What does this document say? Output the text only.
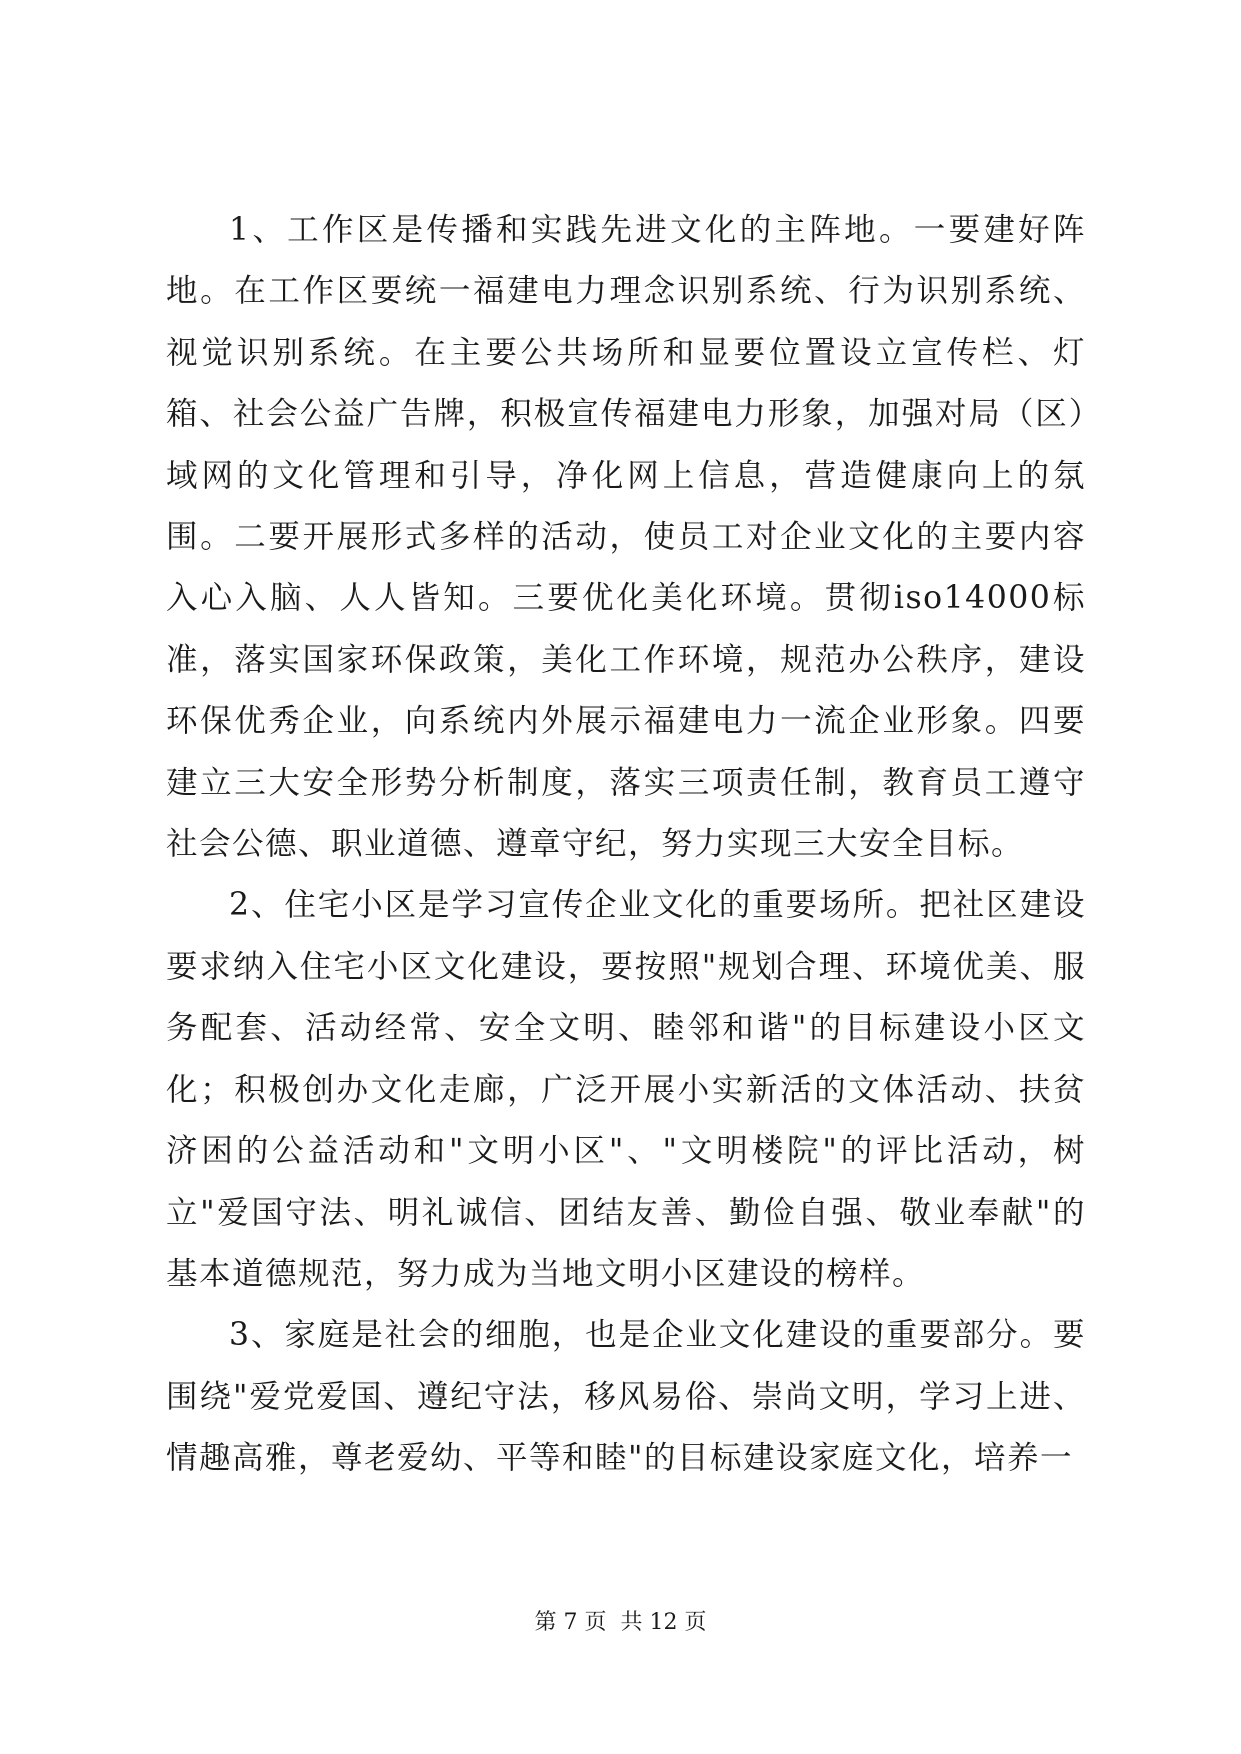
1、工作区是传播和实践先进文化的主阵地。一要建好阵地。在工作区要统一福建电力理念识别系统、行为识别系统、视觉识别系统。在主要公共场所和显要位置设立宣传栏、灯箱、社会公益广告牌，积极宣传福建电力形象，加强对局（区）域网的文化管理和引导，净化网上信息，营造健康向上的氛围。二要开展形式多样的活动，使员工对企业文化的主要内容入心入脑、人人皆知。三要优化美化环境。贯彻iso14000标准，落实国家环保政策，美化工作环境，规范办公秩序，建设环保优秀企业，向系统内外展示福建电力一流企业形象。四要建立三大安全形势分析制度，落实三项责任制，教育员工遵守社会公德、职业道德、遵章守纪，努力实现三大安全目标。

2、住宅小区是学习宣传企业文化的重要场所。把社区建设要求纳入住宅小区文化建设，要按照"规划合理、环境优美、服务配套、活动经常、安全文明、睦邻和谐"的目标建设小区文化；积极创办文化走廊，广泛开展小实新活的文体活动、扶贫济困的公益活动和"文明小区"、"文明楼院"的评比活动，树立"爱国守法、明礼诚信、团结友善、勤俭自强、敬业奉献"的基本道德规范，努力成为当地文明小区建设的榜样。

3、家庭是社会的细胞，也是企业文化建设的重要部分。要围绕"爱党爱国、遵纪守法，移风易俗、崇尚文明，学习上进、情趣高雅，尊老爱幼、平等和睦"的目标建设家庭文化，培养一

第 7 页  共 12 页
